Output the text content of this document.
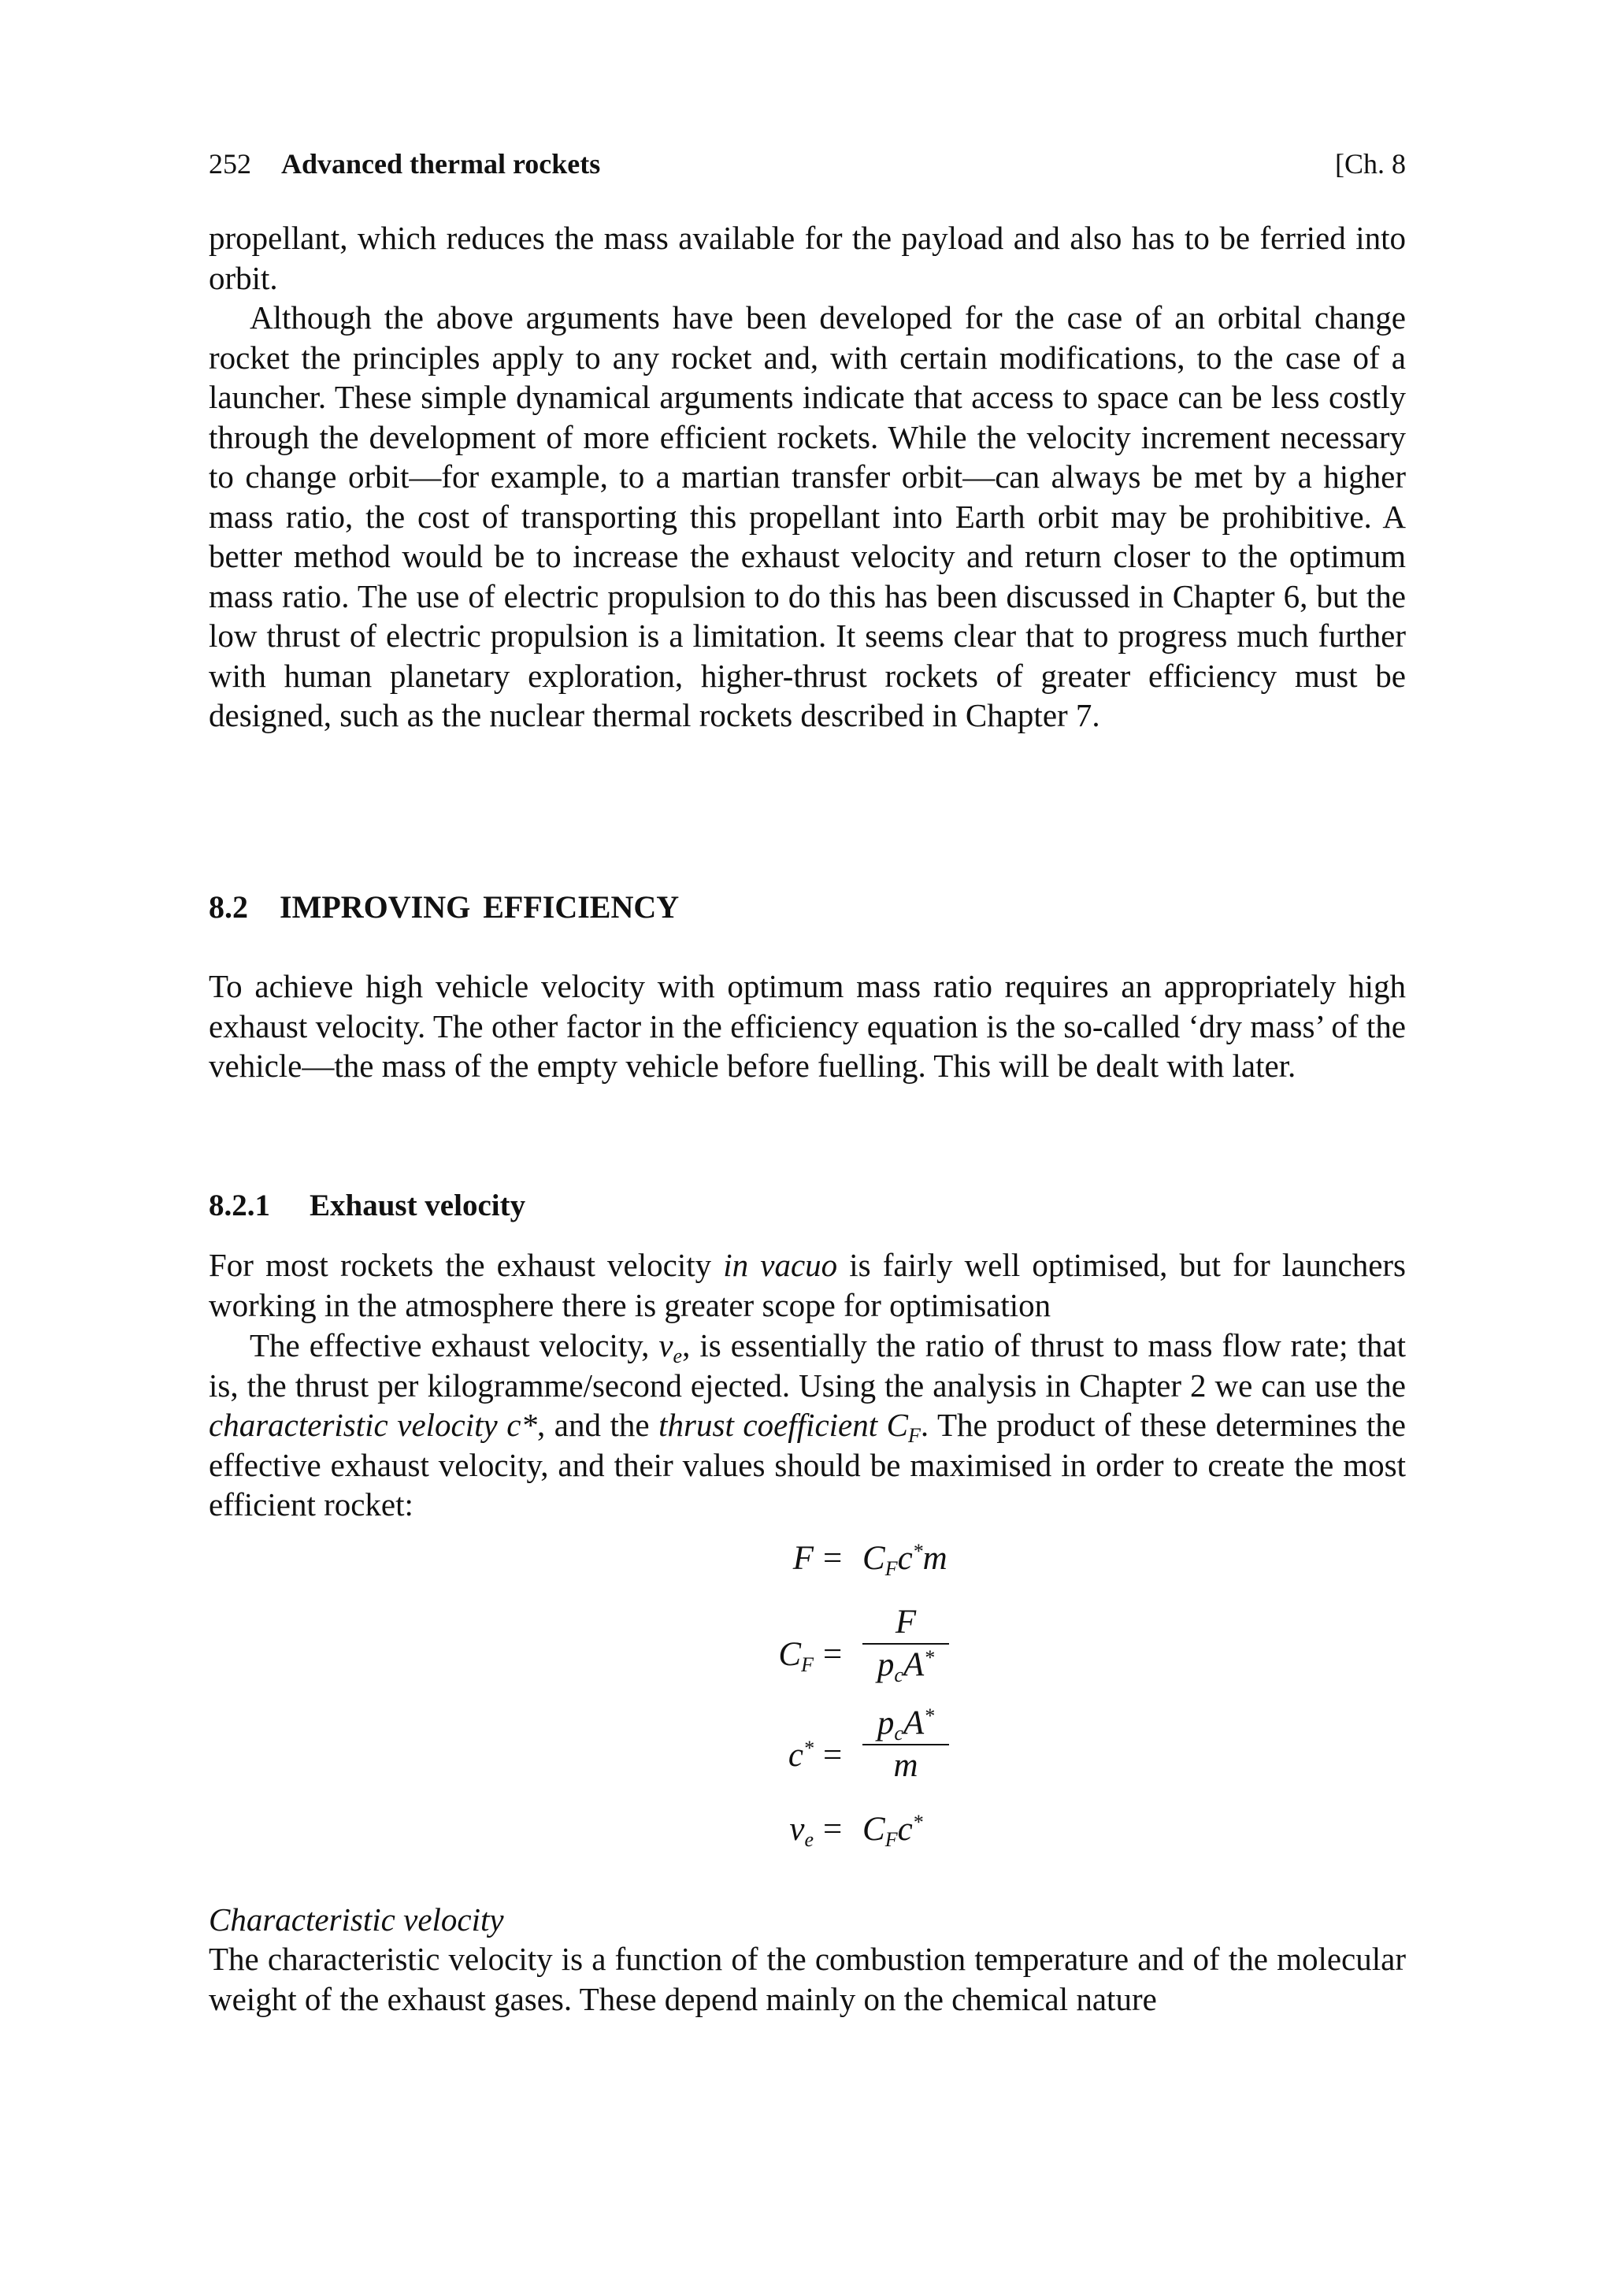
252 Advanced thermal rockets	[Ch. 8

propellant, which reduces the mass available for the payload and also has to be ferried into orbit.

Although the above arguments have been developed for the case of an orbital change rocket the principles apply to any rocket and, with certain modifications, to the case of a launcher. These simple dynamical arguments indicate that access to space can be less costly through the development of more efficient rockets. While the velocity increment necessary to change orbit—for example, to a martian transfer orbit—can always be met by a higher mass ratio, the cost of transporting this propellant into Earth orbit may be prohibitive. A better method would be to increase the exhaust velocity and return closer to the optimum mass ratio. The use of electric propulsion to do this has been discussed in Chapter 6, but the low thrust of electric propulsion is a limitation. It seems clear that to progress much further with human planetary exploration, higher-thrust rockets of greater efficiency must be designed, such as the nuclear thermal rockets described in Chapter 7.

8.2 IMPROVING EFFICIENCY

To achieve high vehicle velocity with optimum mass ratio requires an appropriately high exhaust velocity. The other factor in the efficiency equation is the so-called ‘dry mass’ of the vehicle—the mass of the empty vehicle before fuelling. This will be dealt with later.

8.2.1 Exhaust velocity

For most rockets the exhaust velocity in vacuo is fairly well optimised, but for launchers working in the atmosphere there is greater scope for optimisation

The effective exhaust velocity, $v_e$, is essentially the ratio of thrust to mass flow rate; that is, the thrust per kilogramme/second ejected. Using the analysis in Chapter 2 we can use the characteristic velocity c*, and the thrust coefficient $C_F$. The product of these determines the effective exhaust velocity, and their values should be maximised in order to create the most efficient rocket:

$F = C_Fc^*m$
$C_F$ =
F
$p_cA^*$
c* =
$p_cA^*$
m
$v_e = C_Fc^*$
Characteristic velocity

The characteristic velocity is a function of the combustion temperature and of the molecular weight of the exhaust gases. These depend mainly on the chemical nature
